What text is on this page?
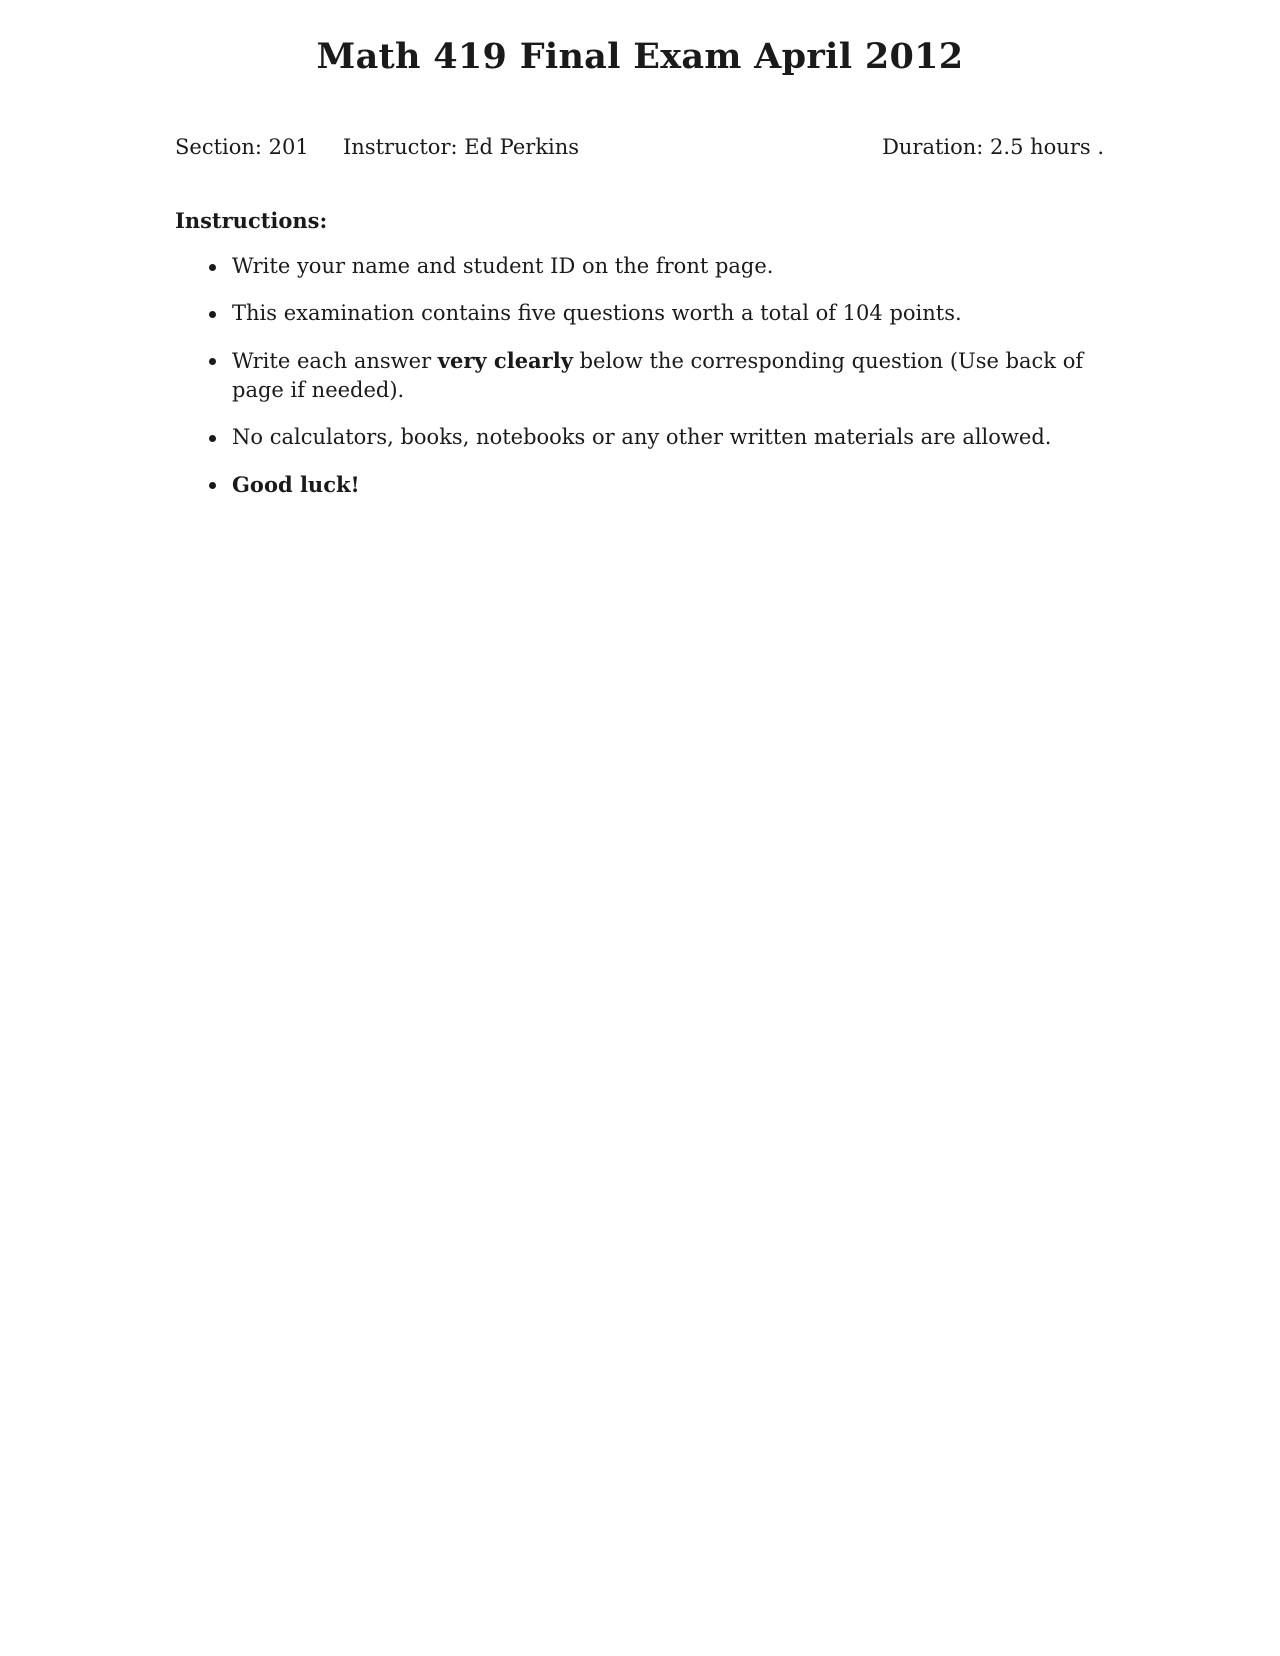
Math 419 Final Exam April 2012
Section: 201 Instructor: Ed Perkins	Duration: 2.5 hours .
Instructions:
Write your name and student ID on the front page.
This examination contains five questions worth a total of 104 points.
Write each answer very clearly below the corresponding question (Use back of page if needed).
No calculators, books, notebooks or any other written materials are allowed.
Good luck!
